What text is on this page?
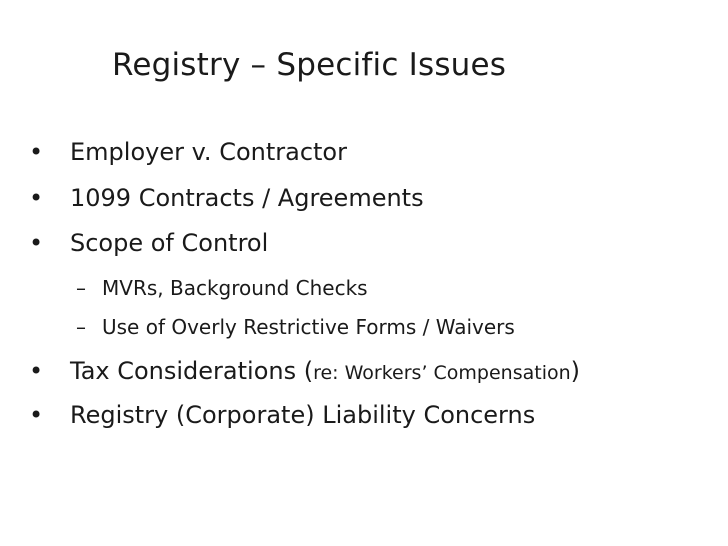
Registry – Specific Issues
• Employer v. Contractor
• 1099 Contracts / Agreements
• Scope of Control
– MVRs, Background Checks
– Use of Overly Restrictive Forms / Waivers
• Tax Considerations (re: Workers’ Compensation)
• Registry (Corporate) Liability Concerns
